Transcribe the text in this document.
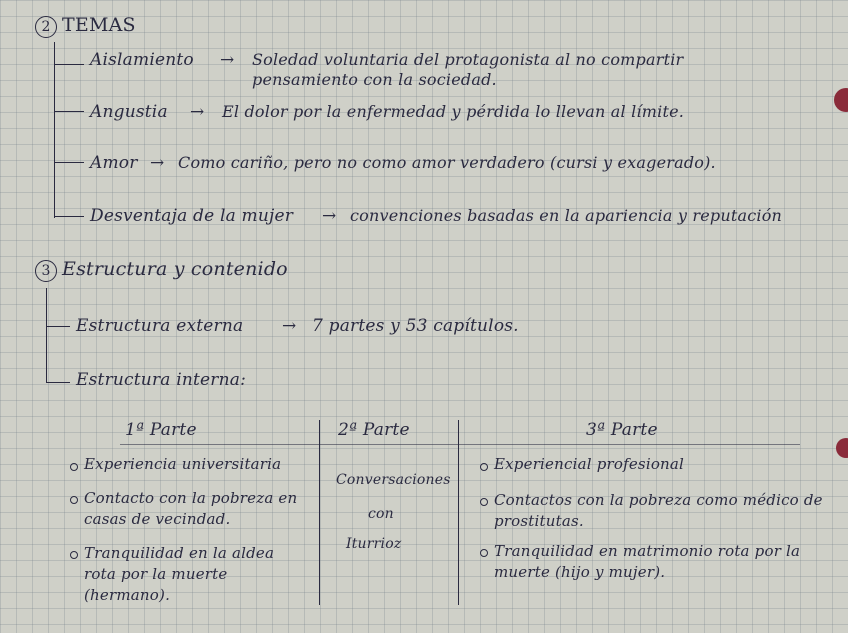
2 TEMAS
Aislamiento → Soledad voluntaria del protagonista al no compartir
pensamiento con la sociedad.
Angustia → El dolor por la enfermedad y pérdida lo llevan al límite.
Amor → Como cariño, pero no como amor verdadero (cursi y exagerado).
Desventaja de la mujer → convenciones basadas en la apariencia y reputación
3 Estructura y contenido
Estructura externa → 7 partes y 53 capítulos.
Estructura interna:
1ª Parte
Experiencia universitaria
Contacto con la pobreza en casas de vecindad.
Tranquilidad en la aldea rota por la muerte (hermano).
2ª Parte
Conversaciones
con
Iturrioz
3ª Parte
Experiencial profesional
Contactos con la pobreza como médico de prostitutas.
Tranquilidad en matrimonio rota por la muerte (hijo y mujer).
